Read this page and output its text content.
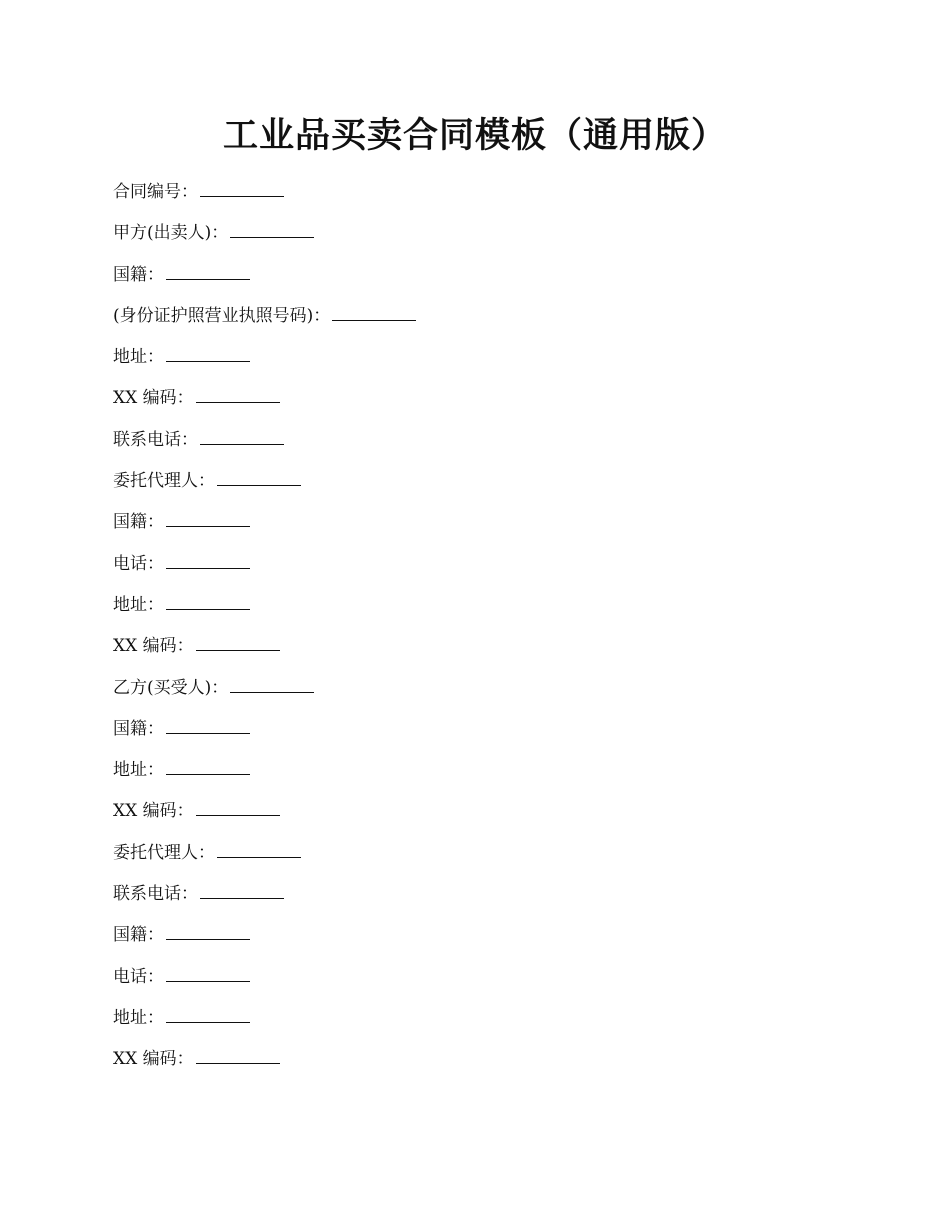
工业品买卖合同模板（通用版）
合同编号：
甲方(出卖人)：
国籍：
(身份证护照营业执照号码)：
地址：
XX 编码：
联系电话：
委托代理人：
国籍：
电话：
地址：
XX 编码：
乙方(买受人)：
国籍：
地址：
XX 编码：
委托代理人：
联系电话：
国籍：
电话：
地址：
XX 编码：
